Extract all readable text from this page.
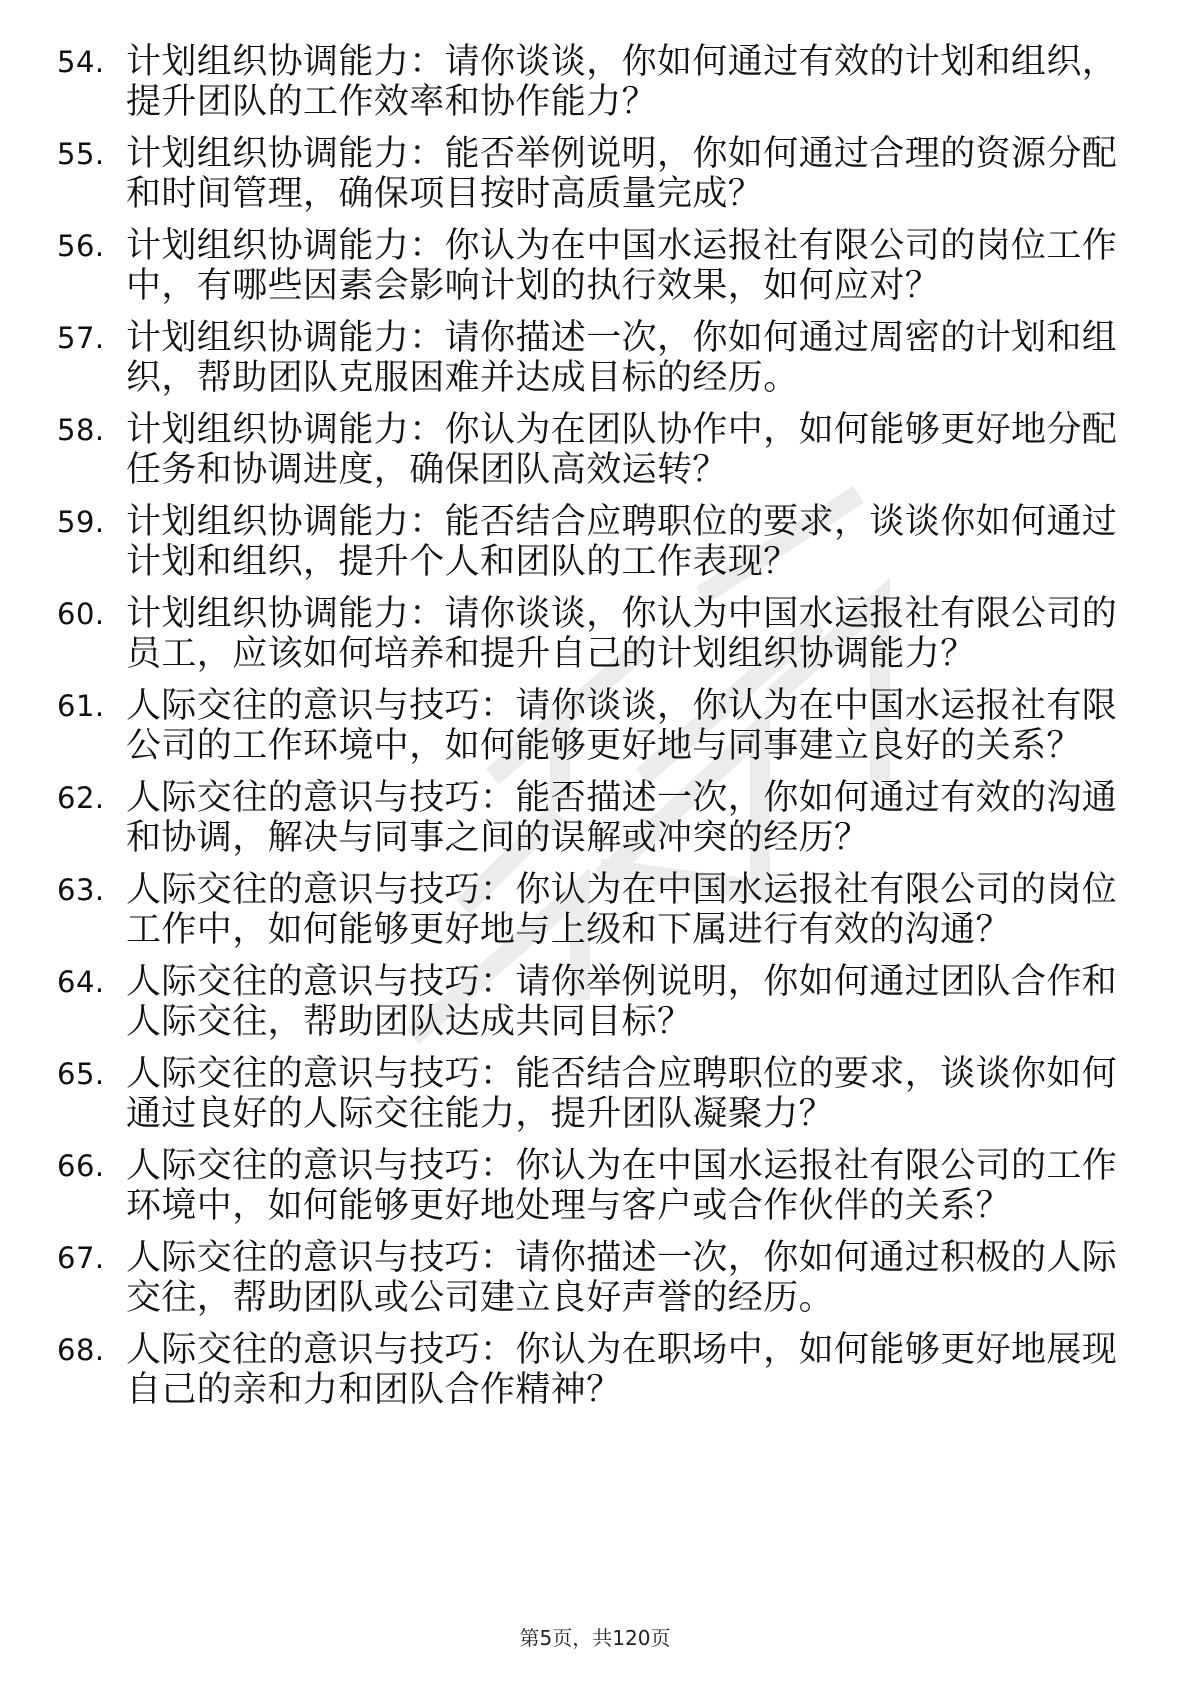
54. 计划组织协调能力：请你谈谈，你如何通过有效的计划和组织，
提升团队的工作效率和协作能力？
55. 计划组织协调能力：能否举例说明，你如何通过合理的资源分配
和时间管理，确保项目按时高质量完成？
56. 计划组织协调能力：你认为在中国水运报社有限公司的岗位工作
中，有哪些因素会影响计划的执行效果，如何应对？
57. 计划组织协调能力：请你描述一次，你如何通过周密的计划和组
织，帮助团队克服困难并达成目标的经历。
58. 计划组织协调能力：你认为在团队协作中，如何能够更好地分配
任务和协调进度，确保团队高效运转？
59. 计划组织协调能力：能否结合应聘职位的要求，谈谈你如何通过
计划和组织，提升个人和团队的工作表现？
60. 计划组织协调能力：请你谈谈，你认为中国水运报社有限公司的
员工，应该如何培养和提升自己的计划组织协调能力？
61. 人际交往的意识与技巧：请你谈谈，你认为在中国水运报社有限
公司的工作环境中，如何能够更好地与同事建立良好的关系？
62. 人际交往的意识与技巧：能否描述一次，你如何通过有效的沟通
和协调，解决与同事之间的误解或冲突的经历？
63. 人际交往的意识与技巧：你认为在中国水运报社有限公司的岗位
工作中，如何能够更好地与上级和下属进行有效的沟通？
64. 人际交往的意识与技巧：请你举例说明，你如何通过团队合作和
人际交往，帮助团队达成共同目标？
65. 人际交往的意识与技巧：能否结合应聘职位的要求，谈谈你如何
通过良好的人际交往能力，提升团队凝聚力？
66. 人际交往的意识与技巧：你认为在中国水运报社有限公司的工作
环境中，如何能够更好地处理与客户或合作伙伴的关系？
67. 人际交往的意识与技巧：请你描述一次，你如何通过积极的人际
交往，帮助团队或公司建立良好声誉的经历。
68. 人际交往的意识与技巧：你认为在职场中，如何能够更好地展现
自己的亲和力和团队合作精神？
第5页，共120页
